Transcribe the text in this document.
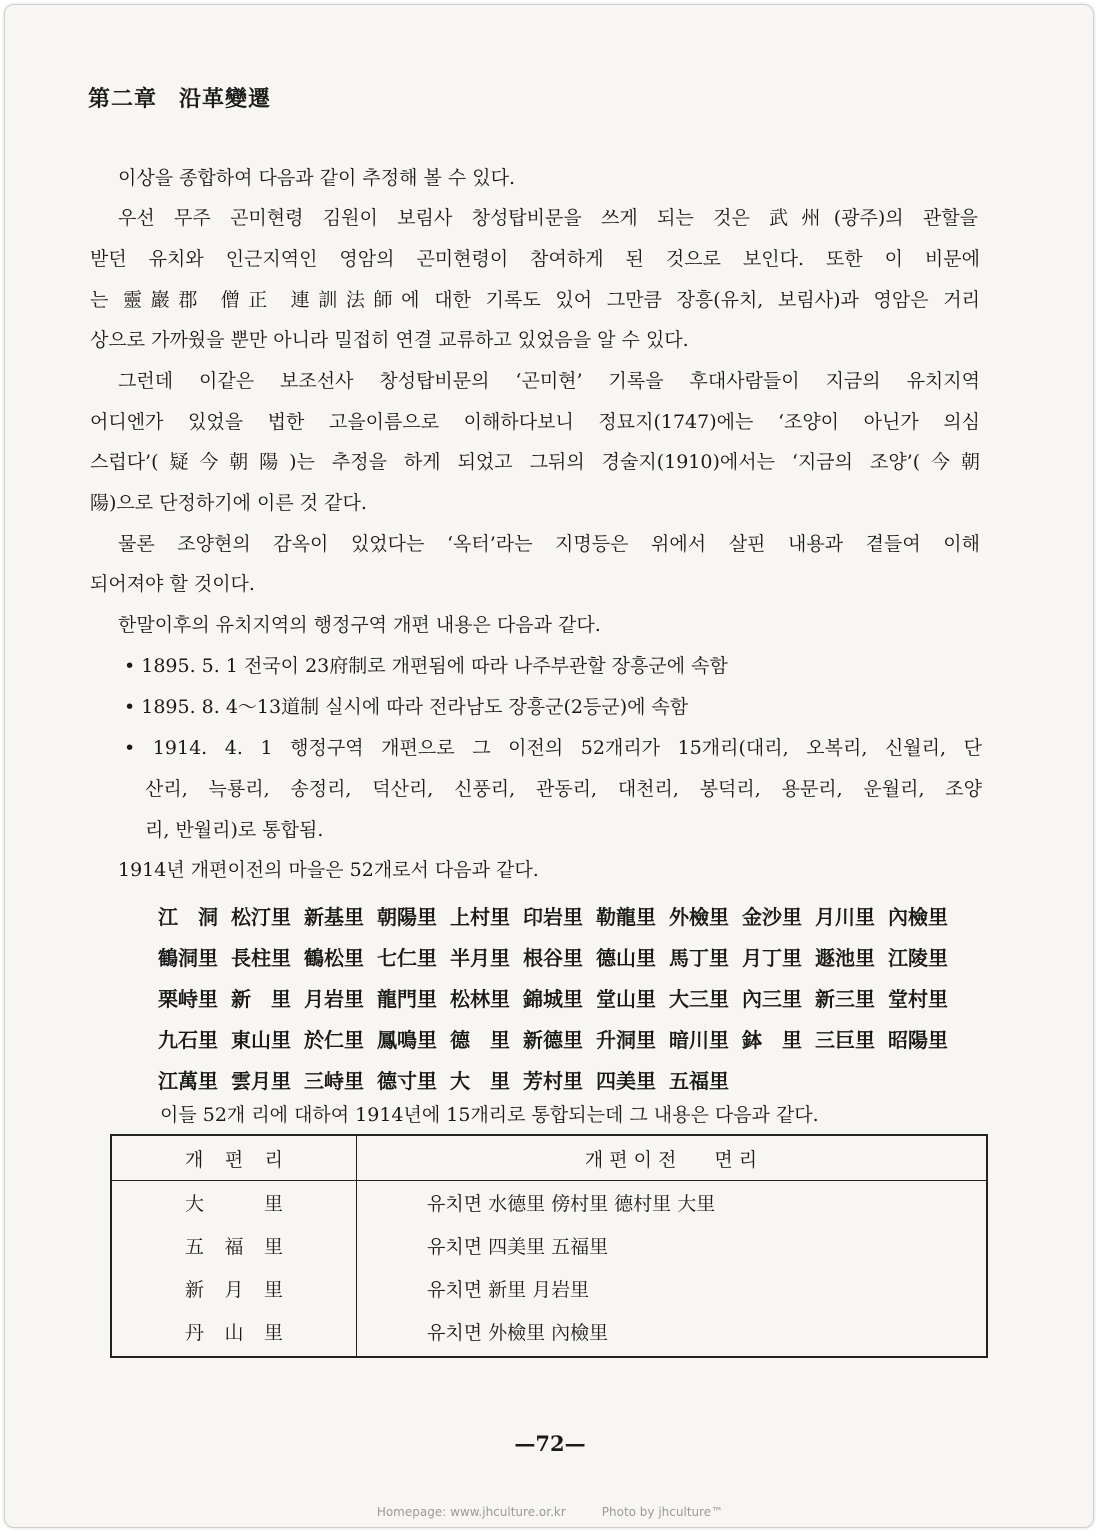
第二章 沿革變遷
이상을 종합하여 다음과 같이 추정해 볼 수 있다.
우선 무주 곤미현령 김원이 보림사 창성탑비문을 쓰게 되는 것은 武州(광주)의 관할을
받던 유치와 인근지역인 영암의 곤미현령이 참여하게 된 것으로 보인다. 또한 이 비문에
는 靈巖郡 僧正 連訓法師에 대한 기록도 있어 그만큼 장흥(유치, 보림사)과 영암은 거리
상으로 가까웠을 뿐만 아니라 밀접히 연결 교류하고 있었음을 알 수 있다.
그런데 이같은 보조선사 창성탑비문의 ‘곤미현’ 기록을 후대사람들이 지금의 유치지역
어디엔가 있었을 법한 고을이름으로 이해하다보니 정묘지(1747)에는 ‘조양이 아닌가 의심
스럽다’(疑今朝陽)는 추정을 하게 되었고 그뒤의 경술지(1910)에서는 ‘지금의 조양’(今朝
陽)으로 단정하기에 이른 것 같다.
물론 조양현의 감옥이 있었다는 ‘옥터’라는 지명등은 위에서 살핀 내용과 곁들여 이해
되어져야 할 것이다.
한말이후의 유치지역의 행정구역 개편 내용은 다음과 같다.
• 1895. 5. 1 전국이 23府制로 개편됨에 따라 나주부관할 장흥군에 속함
• 1895. 8. 4～13道制 실시에 따라 전라남도 장흥군(2등군)에 속함
• 1914. 4. 1 행정구역 개편으로 그 이전의 52개리가 15개리(대리, 오복리, 신월리, 단
산리, 늑룡리, 송정리, 덕산리, 신풍리, 관동리, 대천리, 봉덕리, 용문리, 운월리, 조양
리, 반월리)로 통합됨.
1914년 개편이전의 마을은 52개로서 다음과 같다.
江　洞 松汀里 新基里 朝陽里 上村里 印岩里 勒龍里 外檢里 金沙里 月川里 內檢里
鶴洞里 長柱里 鶴松里 七仁里 半月里 根谷里 德山里 馬丁里 月丁里 遯池里 江陵里
栗峙里 新　里 月岩里 龍門里 松林里 錦城里 堂山里 大三里 內三里 新三里 堂村里
九石里 東山里 於仁里 鳳鳴里 德　里 新德里 升洞里 暗川里 鉢　里 三巨里 昭陽里
江萬里 雲月里 三峙里 德寸里 大　里 芳村里 四美里 五福里
이들 52개 리에 대하여 1914년에 15개리로 통합되는데 그 내용은 다음과 같다.
개 편 리	개 편 이 전　　면 리

大 里	유치면 水德里 傍村里 德村里 大里

五 福 里	유치면 四美里 五福里

新 月 里	유치면 新里 月岩里

丹 山 里	유치면 外檢里 內檢里
—72—
Homepage: www.jhculture.or.kr	Photo by jhculture™
